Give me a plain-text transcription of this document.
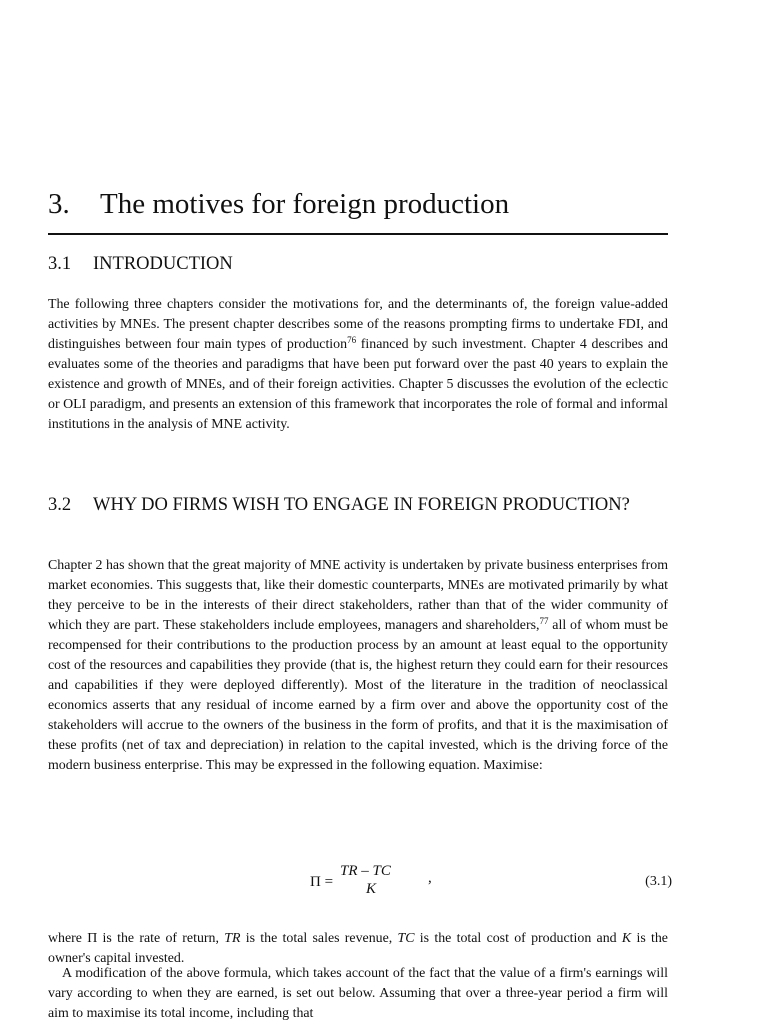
3. The motives for foreign production
3.1 INTRODUCTION

The following three chapters consider the motivations for, and the determinants of, the foreign value-added activities by MNEs. The present chapter describes some of the reasons prompting firms to undertake FDI, and distinguishes between four main types of production$^{76}$ financed by such investment. Chapter 4 describes and evaluates some of the theories and paradigms that have been put forward over the past 40 years to explain the existence and growth of MNEs, and of their foreign activities. Chapter 5 discusses the evolution of the eclectic or OLI paradigm, and presents an extension of this framework that incorporates the role of formal and informal institutions in the analysis of MNE activity.

3.2 WHY DO FIRMS WISH TO ENGAGE IN FOREIGN PRODUCTION?

Chapter 2 has shown that the great majority of MNE activity is undertaken by private business enterprises from market economies. This suggests that, like their domestic counterparts, MNEs are motivated primarily by what they perceive to be in the interests of their direct stakeholders, rather than that of the wider community of which they are part. These stakeholders include employees, managers and shareholders,$^{77}$ all of whom must be recompensed for their contributions to the production process by an amount at least equal to the opportunity cost of the resources and capabilities they provide (that is, the highest return they could earn for their resources and capabilities if they were deployed differently). Most of the literature in the tradition of neoclassical economics asserts that any residual of income earned by a firm over and above the opportunity cost of the stakeholders will accrue to the owners of the business in the form of profits, and that it is the maximisation of these profits (net of tax and depreciation) in relation to the capital invested, which is the driving force of the modern business enterprise. This may be expressed in the following equation. Maximise:

Π =
TR – TC
K
,	(3.1)

where Π is the rate of return, TR is the total sales revenue, TC is the total cost of production and K is the owner's capital invested.

A modification of the above formula, which takes account of the fact that the value of a firm's earnings will vary according to when they are earned, is set out below. Assuming that over a three-year period a firm will aim to maximise its total income, including that
